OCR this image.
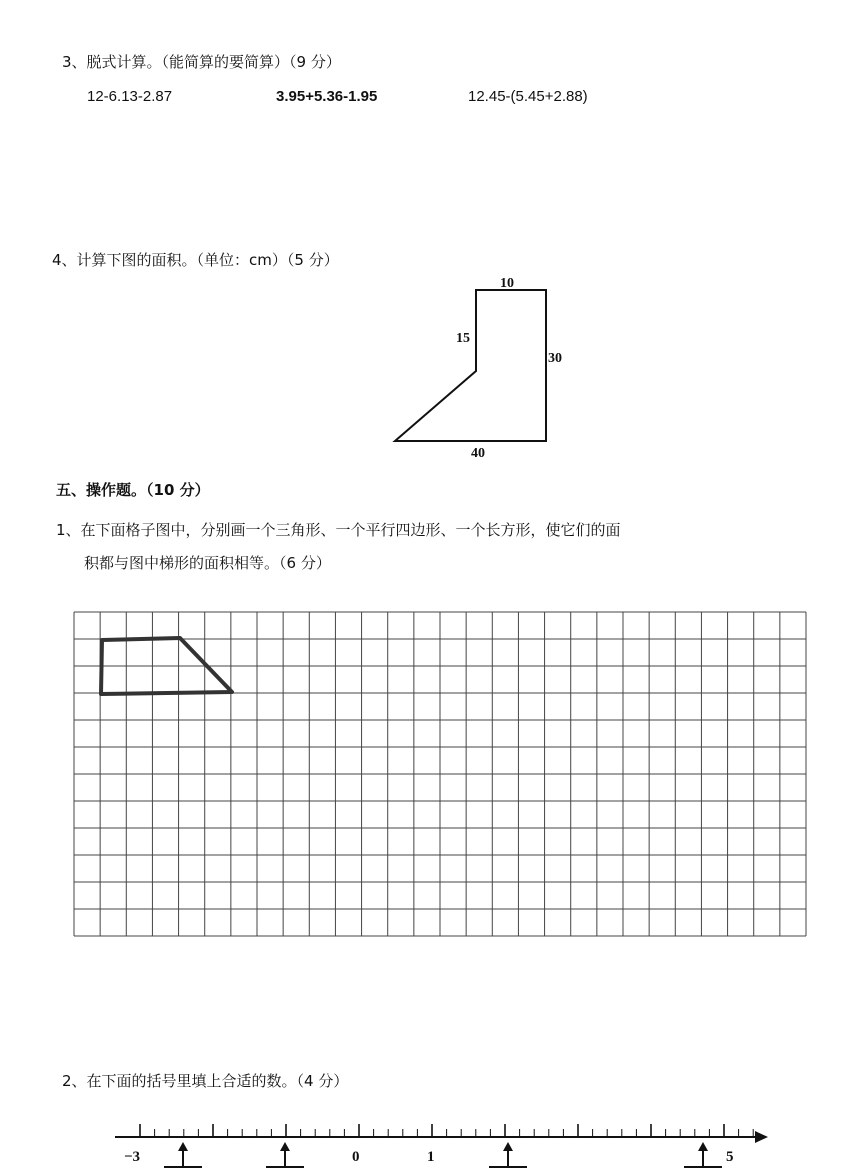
3、脱式计算。（能简算的要简算）（9 分）
12-6.13-2.87	3.95+5.36-1.95	12.45-(5.45+2.88)
4、计算下图的面积。（单位：cm）（5 分）
10
15
30
40
五、操作题。（10 分）
1、在下面格子图中，分别画一个三角形、一个平行四边形、一个长方形，使它们的面
积都与图中梯形的面积相等。（6 分）
2、在下面的括号里填上合适的数。（4 分）
−3	0	1	5
